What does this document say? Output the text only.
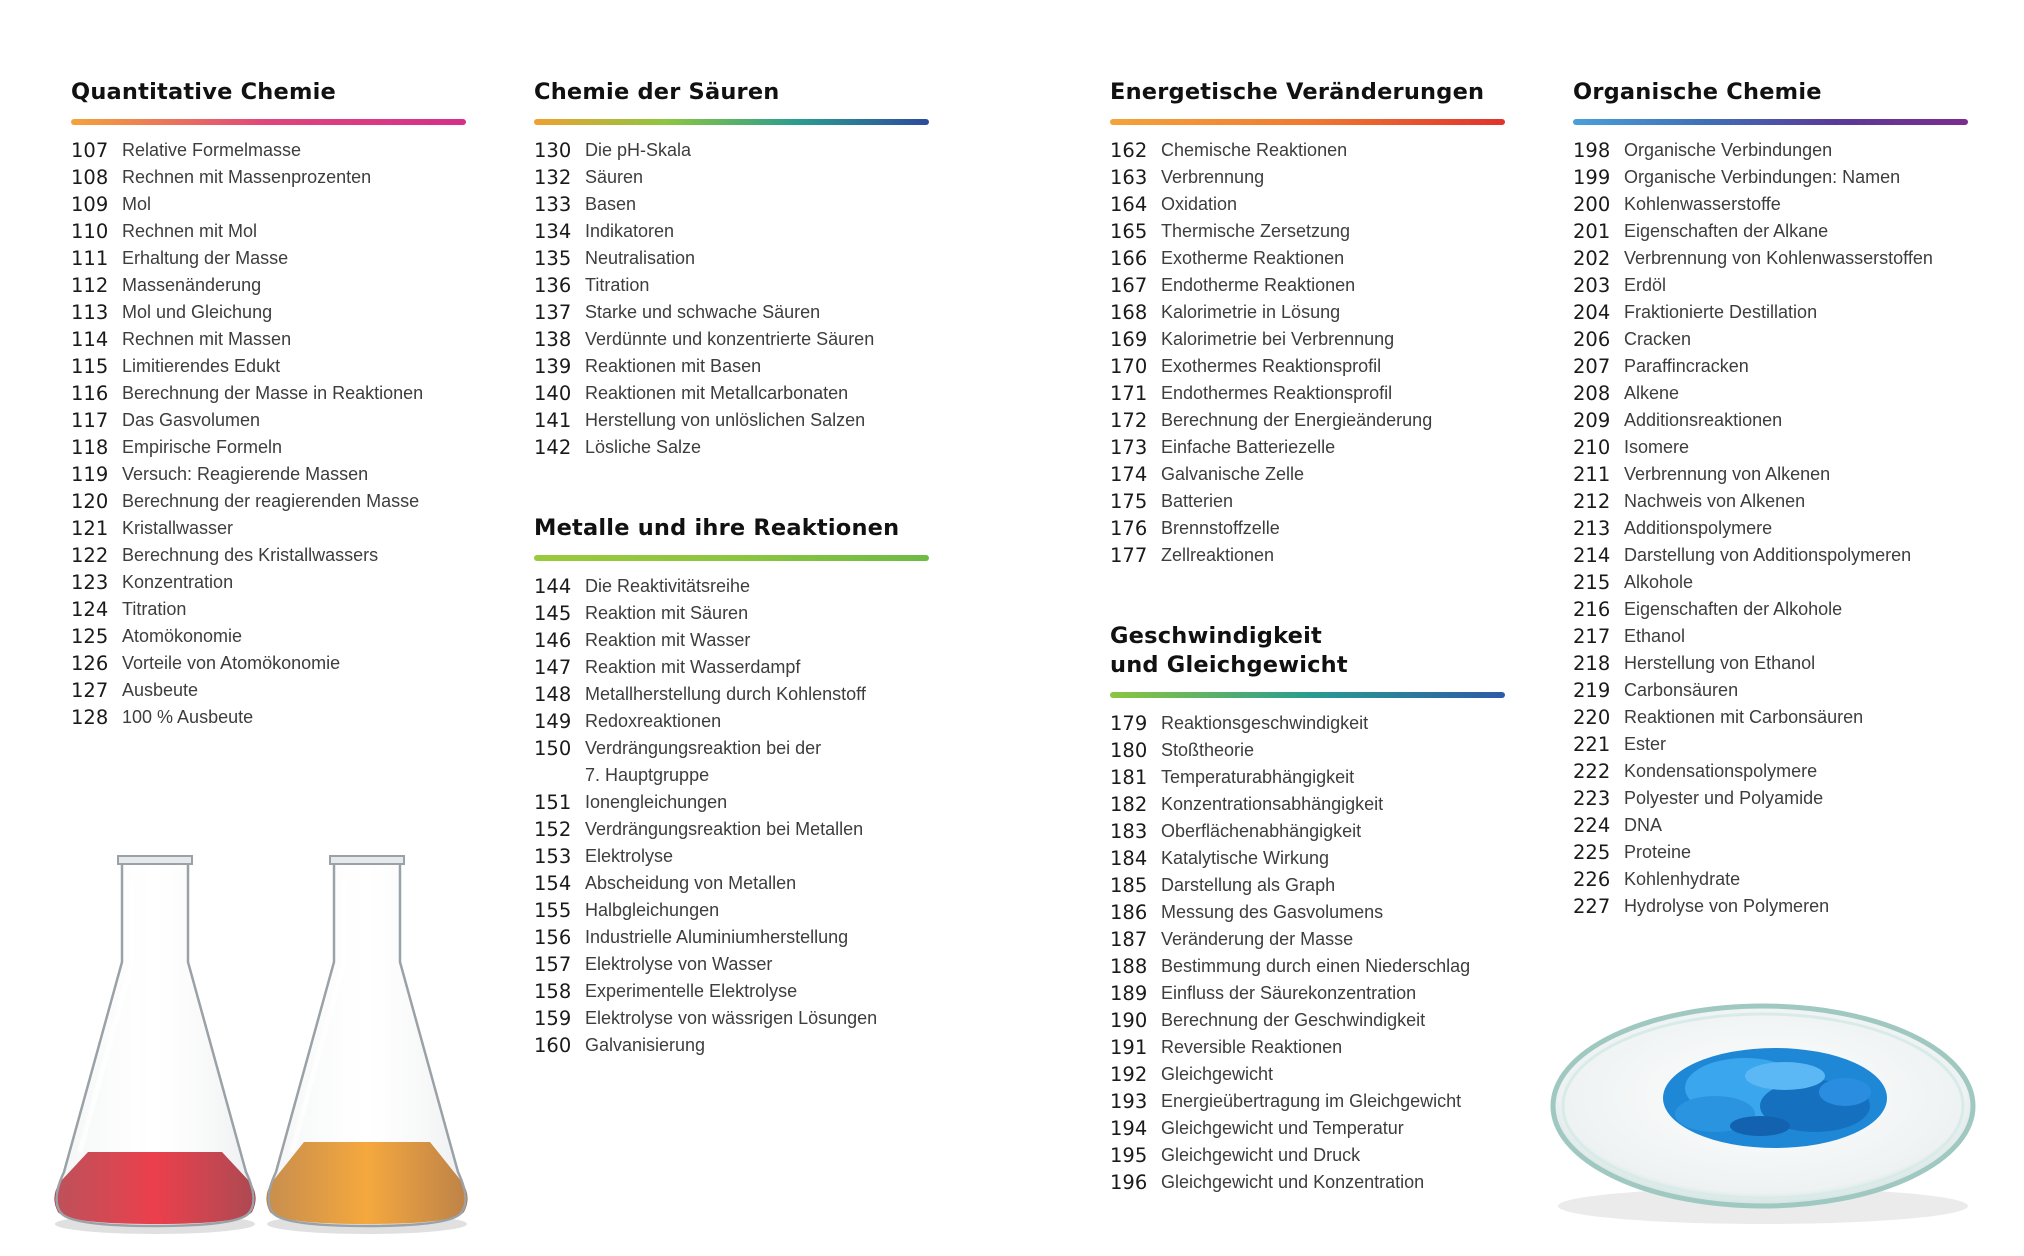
Quantitative Chemie
107 Relative Formelmasse
108 Rechnen mit Massenprozenten
109 Mol
110 Rechnen mit Mol
111 Erhaltung der Masse
112 Massenänderung
113 Mol und Gleichung
114 Rechnen mit Massen
115 Limitierendes Edukt
116 Berechnung der Masse in Reaktionen
117 Das Gasvolumen
118 Empirische Formeln
119 Versuch: Reagierende Massen
120 Berechnung der reagierenden Masse
121 Kristallwasser
122 Berechnung des Kristallwassers
123 Konzentration
124 Titration
125 Atomökonomie
126 Vorteile von Atomökonomie
127 Ausbeute
128 100 % Ausbeute
Chemie der Säuren
130 Die pH-Skala
132 Säuren
133 Basen
134 Indikatoren
135 Neutralisation
136 Titration
137 Starke und schwache Säuren
138 Verdünnte und konzentrierte Säuren
139 Reaktionen mit Basen
140 Reaktionen mit Metallcarbonaten
141 Herstellung von unlöslichen Salzen
142 Lösliche Salze
Metalle und ihre Reaktionen
144 Die Reaktivitätsreihe
145 Reaktion mit Säuren
146 Reaktion mit Wasser
147 Reaktion mit Wasserdampf
148 Metallherstellung durch Kohlenstoff
149 Redoxreaktionen
150 Verdrängungsreaktion bei der
7. Hauptgruppe
151 Ionengleichungen
152 Verdrängungsreaktion bei Metallen
153 Elektrolyse
154 Abscheidung von Metallen
155 Halbgleichungen
156 Industrielle Aluminiumherstellung
157 Elektrolyse von Wasser
158 Experimentelle Elektrolyse
159 Elektrolyse von wässrigen Lösungen
160 Galvanisierung
Energetische Veränderungen
162 Chemische Reaktionen
163 Verbrennung
164 Oxidation
165 Thermische Zersetzung
166 Exotherme Reaktionen
167 Endotherme Reaktionen
168 Kalorimetrie in Lösung
169 Kalorimetrie bei Verbrennung
170 Exothermes Reaktionsprofil
171 Endothermes Reaktionsprofil
172 Berechnung der Energieänderung
173 Einfache Batteriezelle
174 Galvanische Zelle
175 Batterien
176 Brennstoffzelle
177 Zellreaktionen
Geschwindigkeit
und Gleichgewicht
179 Reaktionsgeschwindigkeit
180 Stoßtheorie
181 Temperaturabhängigkeit
182 Konzentrationsabhängigkeit
183 Oberflächenabhängigkeit
184 Katalytische Wirkung
185 Darstellung als Graph
186 Messung des Gasvolumens
187 Veränderung der Masse
188 Bestimmung durch einen Niederschlag
189 Einfluss der Säurekonzentration
190 Berechnung der Geschwindigkeit
191 Reversible Reaktionen
192 Gleichgewicht
193 Energieübertragung im Gleichgewicht
194 Gleichgewicht und Temperatur
195 Gleichgewicht und Druck
196 Gleichgewicht und Konzentration
Organische Chemie
198 Organische Verbindungen
199 Organische Verbindungen: Namen
200 Kohlenwasserstoffe
201 Eigenschaften der Alkane
202 Verbrennung von Kohlenwasserstoffen
203 Erdöl
204 Fraktionierte Destillation
206 Cracken
207 Paraffincracken
208 Alkene
209 Additionsreaktionen
210 Isomere
211 Verbrennung von Alkenen
212 Nachweis von Alkenen
213 Additionspolymere
214 Darstellung von Additionspolymeren
215 Alkohole
216 Eigenschaften der Alkohole
217 Ethanol
218 Herstellung von Ethanol
219 Carbonsäuren
220 Reaktionen mit Carbonsäuren
221 Ester
222 Kondensationspolymere
223 Polyester und Polyamide
224 DNA
225 Proteine
226 Kohlenhydrate
227 Hydrolyse von Polymeren
